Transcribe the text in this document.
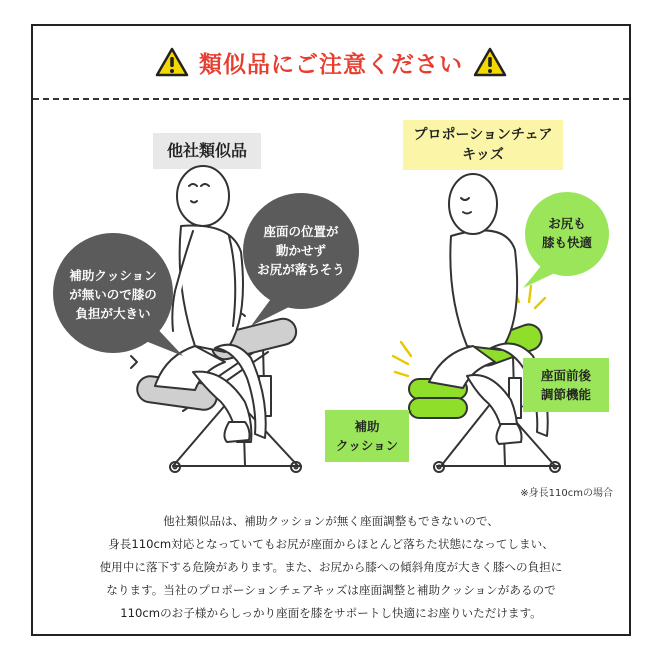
類似品にご注意ください
他社類似品
プロポーションチェア
キッズ
補助クッション
が無いので膝の
負担が大きい
座面の位置が
動かせず
お尻が落ちそう
お尻も
膝も快適
座面前後
調節機能
補助
クッション
※身長110cmの場合
他社類似品は、補助クッションが無く座面調整もできないので、
身長110cm対応となっていてもお尻が座面からほとんど落ちた状態になってしまい、
使用中に落下する危険があります。また、お尻から膝への傾斜角度が大きく膝への負担に
なります。当社のプロポーションチェアキッズは座面調整と補助クッションがあるので
110cmのお子様からしっかり座面を膝をサポートし快適にお座りいただけます。
